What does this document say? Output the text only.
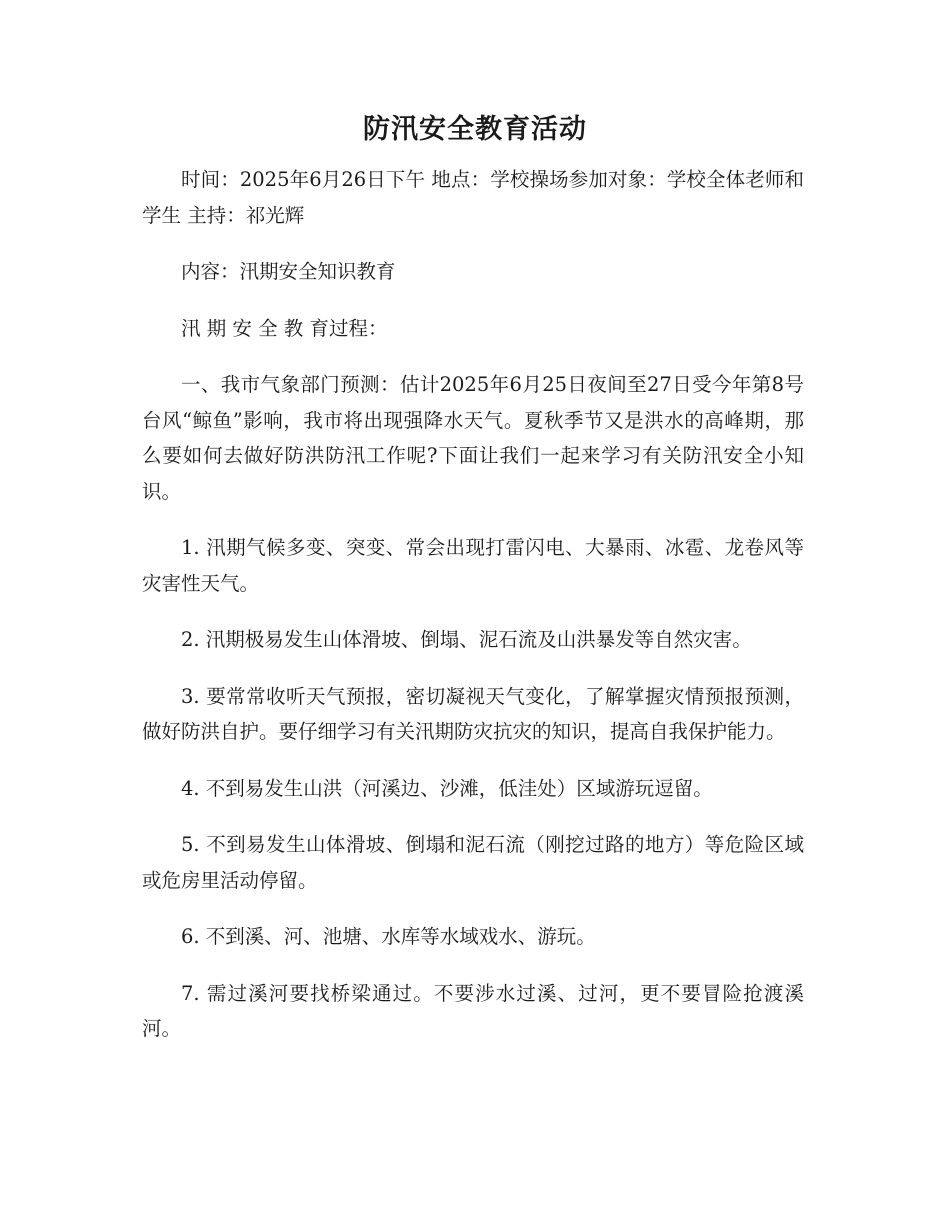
防汛安全教育活动

时间：2025年6月26日下午 地点：学校操场参加对象：学校全体老师和学生 主持：祁光辉

内容：汛期安全知识教育

汛 期 安 全 教 育过程：

一、我市气象部门预测：估计2025年6月25日夜间至27日受今年第8号台风“鲸鱼”影响，我市将出现强降水天气。夏秋季节又是洪水的高峰期，那么要如何去做好防洪防汛工作呢?下面让我们一起来学习有关防汛安全小知识。

1. 汛期气候多变、突变、常会出现打雷闪电、大暴雨、冰雹、龙卷风等灾害性天气。

2. 汛期极易发生山体滑坡、倒塌、泥石流及山洪暴发等自然灾害。

3. 要常常收听天气预报，密切凝视天气变化，了解掌握灾情预报预测，做好防洪自护。要仔细学习有关汛期防灾抗灾的知识，提高自我保护能力。

4. 不到易发生山洪（河溪边、沙滩，低洼处）区域游玩逗留。

5. 不到易发生山体滑坡、倒塌和泥石流（刚挖过路的地方）等危险区域或危房里活动停留。

6. 不到溪、河、池塘、水库等水域戏水、游玩。

7. 需过溪河要找桥梁通过。不要涉水过溪、过河，更不要冒险抢渡溪河。
